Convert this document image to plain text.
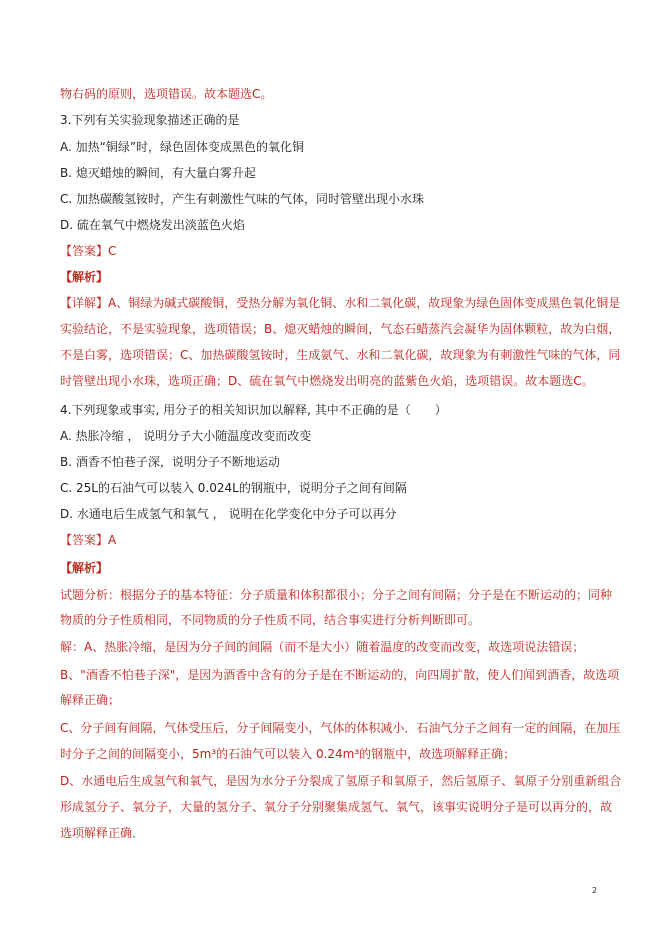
物右码的原则，选项错误。故本题选C。
3.下列有关实验现象描述正确的是
A. 加热“铜绿”时，绿色固体变成黑色的氧化铜
B. 熄灭蜡烛的瞬间，有大量白雾升起
C. 加热碳酸氢铵时，产生有刺激性气味的气体，同时管壁出现小水珠
D. 硫在氧气中燃烧发出淡蓝色火焰
【答案】C
【解析】
【详解】A、铜绿为碱式碳酸铜，受热分解为氧化铜、水和二氧化碳，故现象为绿色固体变成黑色氧化铜是
实验结论，不是实验现象，选项错误；B、熄灭蜡烛的瞬间，气态石蜡蒸汽会凝华为固体颗粒，故为白烟，
不是白雾，选项错误；C、加热碳酸氢铵时，生成氨气、水和二氧化碳，故现象为有刺激性气味的气体，同
时管壁出现小水珠，选项正确；D、硫在氧气中燃烧发出明亮的蓝紫色火焰，选项错误。故本题选C。
4.下列现象或事实, 用分子的相关知识加以解释, 其中不正确的是（　　）
A. 热胀冷缩 ， 说明分子大小随温度改变而改变
B. 酒香不怕巷子深，说明分子不断地运动
C. 25L的石油气可以装入 0.024L的钢瓶中，说明分子之间有间隔
D. 水通电后生成氢气和氧气 ， 说明在化学变化中分子可以再分
【答案】A
【解析】
试题分析：根据分子的基本特征：分子质量和体积都很小；分子之间有间隔；分子是在不断运动的；同种
物质的分子性质相同，不同物质的分子性质不同，结合事实进行分析判断即可。
解：A、热胀冷缩，是因为分子间的间隔（而不是大小）随着温度的改变而改变，故选项说法错误；
B、"酒香不怕巷子深"，是因为酒香中含有的分子是在不断运动的，向四周扩散，使人们闻到酒香，故选项
解释正确；
C、分子间有间隔，气体受压后，分子间隔变小，气体的体积减小．石油气分子之间有一定的间隔，在加压
时分子之间的间隔变小，5m³的石油气可以装入 0.24m³的钢瓶中，故选项解释正确；
D、水通电后生成氢气和氧气，是因为水分子分裂成了氢原子和氧原子，然后氢原子、氧原子分别重新组合
形成氢分子、氧分子，大量的氢分子、氧分子分别聚集成氢气、氧气，该事实说明分子是可以再分的，故
选项解释正确．
2
